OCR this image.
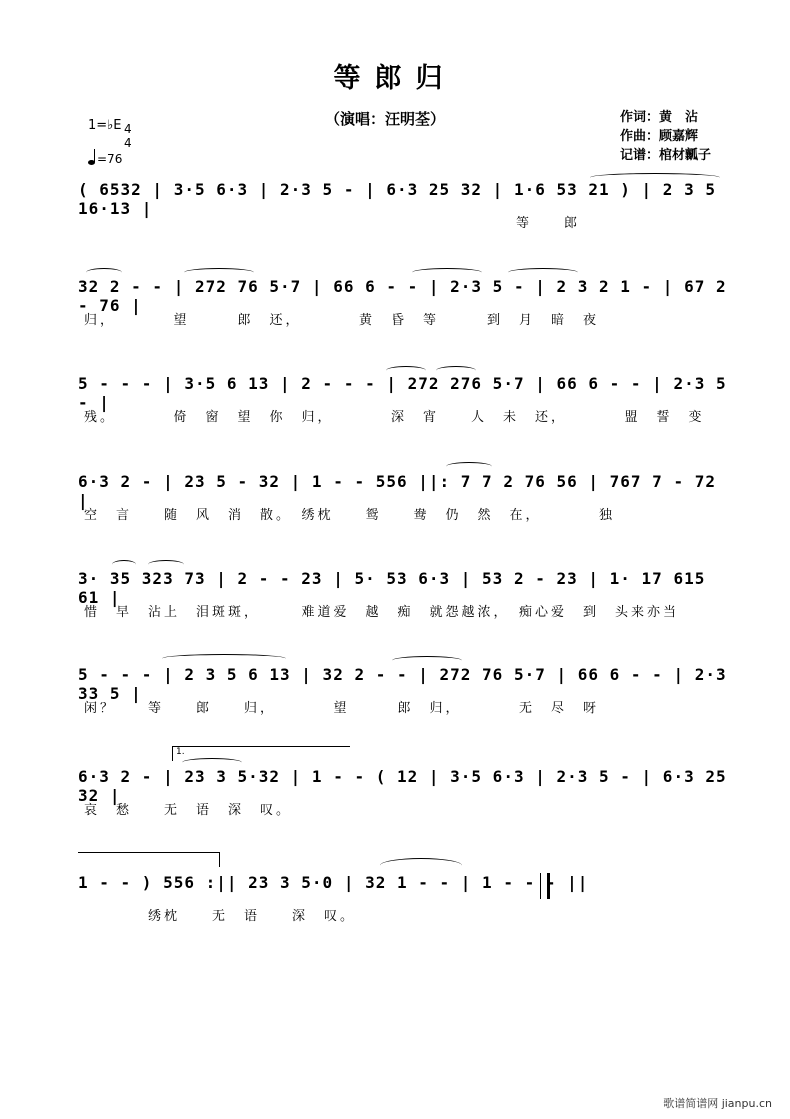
等郎归
（演唱：汪明荃）	作词：黄　沾
作曲：顾嘉辉
记谱：棺材瓤子
1=♭E 4
4
=76
( 6532 | 3·5 6·3 | 2·3 5 - | 6·3 25 32 | 1·6 53 21 ) | 2 3 5 16·13 |
　　　　　　　　　　　　　　　　　　　　　　　　　　　等　　郎
32 2 - - | 272 76 5·7 | 66 6 - - | 2·3 5 - | 2 3 2 1 - | 67 2 - 76 |
归，　　　　望　　　郎　还，　　　　黄　昏　等　　　到　月　暗　夜
5 - - - | 3·5 6 13 | 2 - - - | 272 276 5·7 | 66 6 - - | 2·3 5 - |
残。　　　　倚　窗　望　你　归，　　　　深　宵　　人　未　还，　　　　盟　誓　变
6·3 2 - | 23 5 - 32 | 1 - - 556 ||: 7 7 2 76 56 | 767 7 - 72 |
空　言　　随　风　消　散。　绣枕　　鸳　　鸯　仍　然　在，　　　　独
3· 35 323 73 | 2 - - 23 | 5· 53 6·3 | 53 2 - 23 | 1· 17 615 61 |
惜　早　沾上　泪斑斑，　　　难道爱　越　痴　就怨越浓，　痴心爱　到　头来亦当
5 - - - | 2 3 5 6 13 | 32 2 - - | 272 76 5·7 | 66 6 - - | 2·3 33 5 |
闲？　　等　　郎　　归，　　　　望　　　郎　归，　　　　无　尽　呀
1.
6·3 2 - | 23 3 5·32 | 1 - - ( 12 | 3·5 6·3 | 2·3 5 - | 6·3 25 32 |
哀　愁　　无　语　深　叹。
1 - - ) 556 :|| 23 3 5·0 | 32 1 - - | 1 - - - ||
　　　　绣枕　　无　语　　深　叹。
歌谱简谱网 jianpu.cn
